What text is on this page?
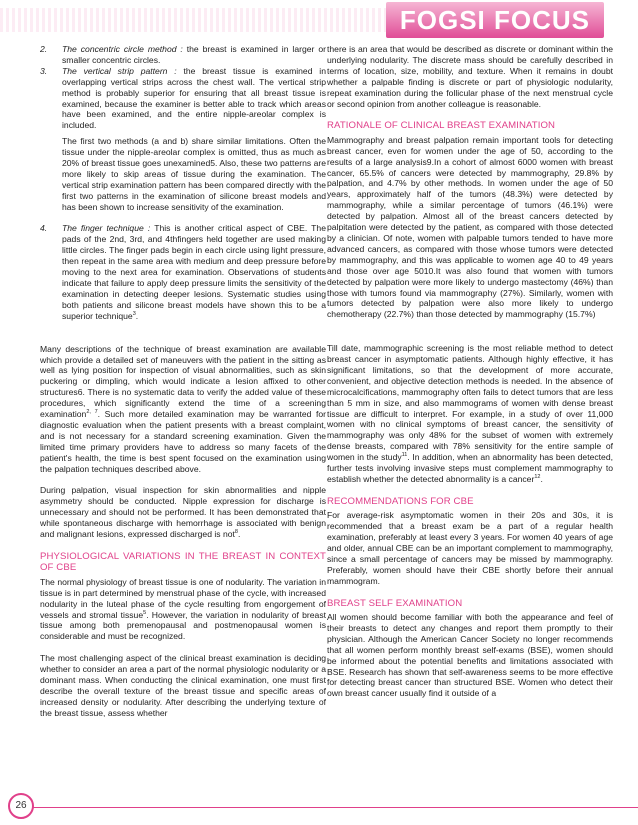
FOGSI FOCUS
2. The concentric circle method : the breast is examined in larger or smaller concentric circles.
3. The vertical strip pattern : the breast tissue is examined in overlapping vertical strips across the chest wall. The vertical strip method is probably superior for ensuring that all breast tissue is examined, because the examiner is better able to track which areas have been examined, and the entire nipple-areolar complex is included.

The first two methods (a and b) share similar limitations. Often the tissue under the nipple-areolar complex is omitted, thus as much as 20% of breast tissue goes unexamined5. Also, these two patterns are more likely to skip areas of tissue during the examination. The vertical strip examination pattern has been compared directly with the first two patterns in the examination of silicone breast models and has been shown to increase sensitivity of the examination.

4. The finger technique : This is another critical aspect of CBE. The pads of the 2nd, 3rd, and 4thfingers held together are used making little circles. The finger pads begin in each circle using light pressure, then repeat in the same area with medium and deep pressure before moving to the next area for examination. Observations of students indicate that failure to apply deep pressure limits the sensitivity of the examination in detecting deeper lesions. Systematic studies using both patients and silicone breast models have shown this to be a superior technique$^3$.

Many descriptions of the technique of breast examination are available which provide a detailed set of maneuvers with the patient in the sitting as well as lying position for inspection of visual abnormalities, such as skin puckering or dimpling, which would indicate a lesion affixed to other structures6. There is no systematic data to verify the added value of these procedures, which significantly extend the time of a screening examination$^{2, 7}$. Such more detailed examination may be warranted for diagnostic evaluation when the patient presents with a breast complaint, and is not necessary for a standard screening examination. Given the limited time primary providers have to address so many facets of the patient's health, the time is best spent focused on the examination using the palpation techniques described above.

During palpation, visual inspection for skin abnormalities and nipple asymmetry should be conducted. Nipple expression for discharge is unnecessary and should not be performed. It has been demonstrated that while spontaneous discharge with hemorrhage is associated with benign and malignant lesions, expressed discharged is not$^8$.

PHYSIOLOGICAL VARIATIONS IN THE BREAST IN CONTEXT OF CBE

The normal physiology of breast tissue is one of nodularity. The variation in tissue is in part determined by menstrual phase of the cycle, with increased nodularity in the luteal phase of the cycle resulting from engorgement of vessels and stromal tissue$^5$. However, the variation in nodularity of breast tissue among both premenopausal and postmenopausal women is considerable and must be recognized.

The most challenging aspect of the clinical breast examination is deciding whether to consider an area a part of the normal physiologic nodularity or a dominant mass. When conducting the clinical examination, one must first describe the overall texture of the breast tissue and specific areas of increased density or nodularity. After describing the underlying texture of the breast tissue, assess whether

there is an area that would be described as discrete or dominant within the underlying nodularity. The discrete mass should be carefully described in terms of location, size, mobility, and texture. When it remains in doubt whether a palpable finding is discrete or part of physiologic nodularity, repeat examination during the follicular phase of the next menstrual cycle or second opinion from another colleague is reasonable.

RATIONALE OF CLINICAL BREAST EXAMINATION

Mammography and breast palpation remain important tools for detecting breast cancer, even for women under the age of 50, according to the results of a large analysis9.In a cohort of almost 6000 women with breast cancer, 65.5% of cancers were detected by mammography, 29.8% by palpation, and 4.7% by other methods. In women under the age of 50 years, approximately half of the tumors (48.3%) were detected by mammography, while a similar percentage of tumors (46.1%) were detected by palpation. Almost all of the breast cancers detected by palpitation were detected by the patient, as compared with those detected by a clinician. Of note, women with palpable tumors tended to have more advanced cancers, as compared with those whose tumors were detected by mammography, and this was applicable to women age 40 to 49 years and those over age 5010.It was also found that women with tumors detected by palpation were more likely to undergo mastectomy (46%) than those with tumors found via mammography (27%). Similarly, women with tumors detected by palpation were also more likely to undergo chemotherapy (22.7%) than those detected by mammography (15.7%)

Till date, mammographic screening is the most reliable method to detect breast cancer in asymptomatic patients. Although highly effective, it has significant limitations, so that the development of more accurate, convenient, and objective detection methods is needed. In the absence of microcalcifications, mammography often fails to detect tumors that are less than 5 mm in size, and also mammograms of women with dense breast tissue are difficult to interpret. For example, in a study of over 11,000 women with no clinical symptoms of breast cancer, the sensitivity of mammography was only 48% for the subset of women with extremely dense breasts, compared with 78% sensitivity for the entire sample of women in the study$^{11}$. In addition, when an abnormality has been detected, further tests involving invasive steps must complement mammography to establish whether the detected abnormality is a cancer$^{12}$.

RECOMMENDATIONS FOR CBE

For average-risk asymptomatic women in their 20s and 30s, it is recommended that a breast exam be a part of a regular health examination, preferably at least every 3 years. For women 40 years of age and older, annual CBE can be an important complement to mammography, since a small percentage of cancers may be missed by mammography. Preferably, women should have their CBE shortly before their annual mammogram.

BREAST SELF EXAMINATION

All women should become familiar with both the appearance and feel of their breasts to detect any changes and report them promptly to their physician. Although the American Cancer Society no longer recommends that all women perform monthly breast self-exams (BSE), women should be informed about the potential benefits and limitations associated with BSE. Research has shown that self-awareness seems to be more effective for detecting breast cancer than structured BSE. Women who detect their own breast cancer usually find it outside of a

26
